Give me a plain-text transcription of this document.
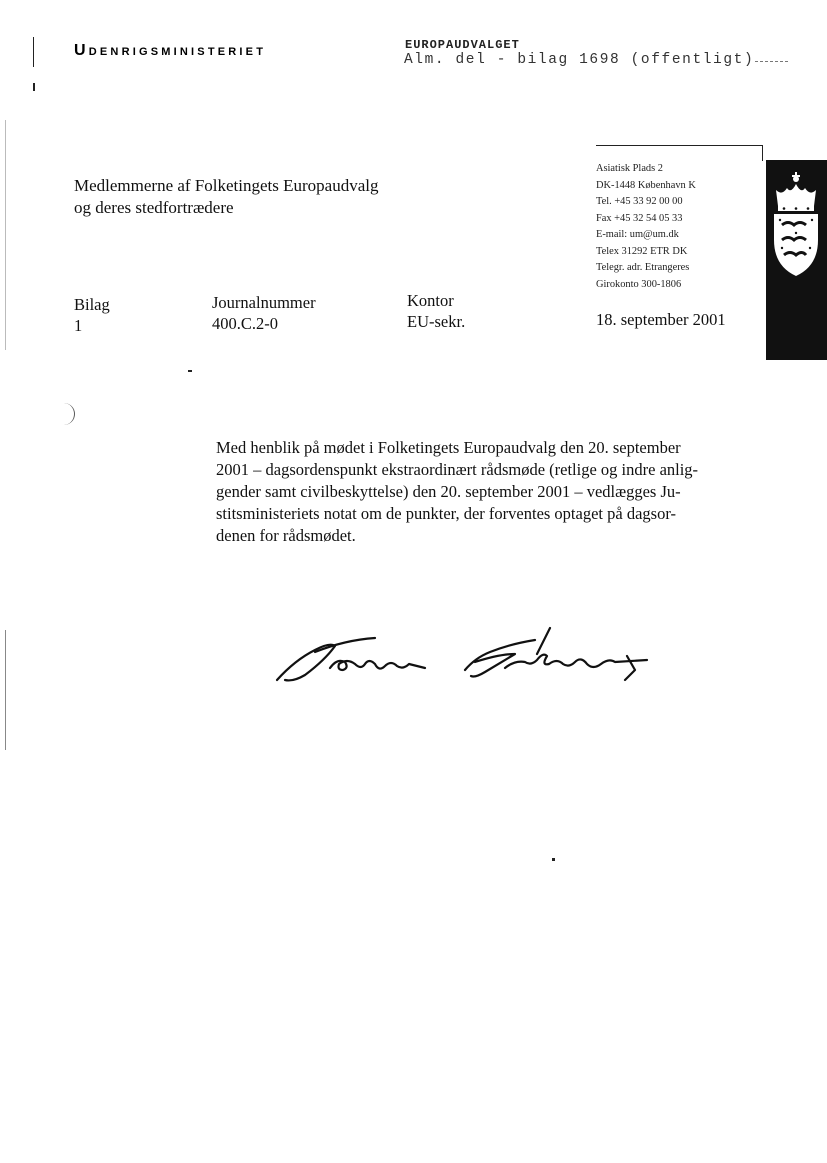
Udenrigsministeriet	EUROPAUDVALGET
Alm. del - bilag 1698 (offentligt)
Medlemmerne af Folketingets Europaudvalg
og deres stedfortrædere
Asiatisk Plads 2
DK-1448 København K
Tel. +45 33 92 00 00
Fax +45 32 54 05 33
E-mail: um@um.dk
Telex 31292 ETR DK
Telegr. adr. Etrangeres
Girokonto 300-1806
Bilag
1
Journalnummer
400.C.2-0
Kontor
EU-sekr.	18. september 2001

Med henblik på mødet i Folketingets Europaudvalg den 20. september

2001 – dagsordenspunkt ekstraordinært rådsmøde (retlige og indre anlig-

gender samt civilbeskyttelse) den 20. september 2001 – vedlægges Ju-

stitsministeriets notat om de punkter, der forventes optaget på dagsor-

denen for rådsmødet.
